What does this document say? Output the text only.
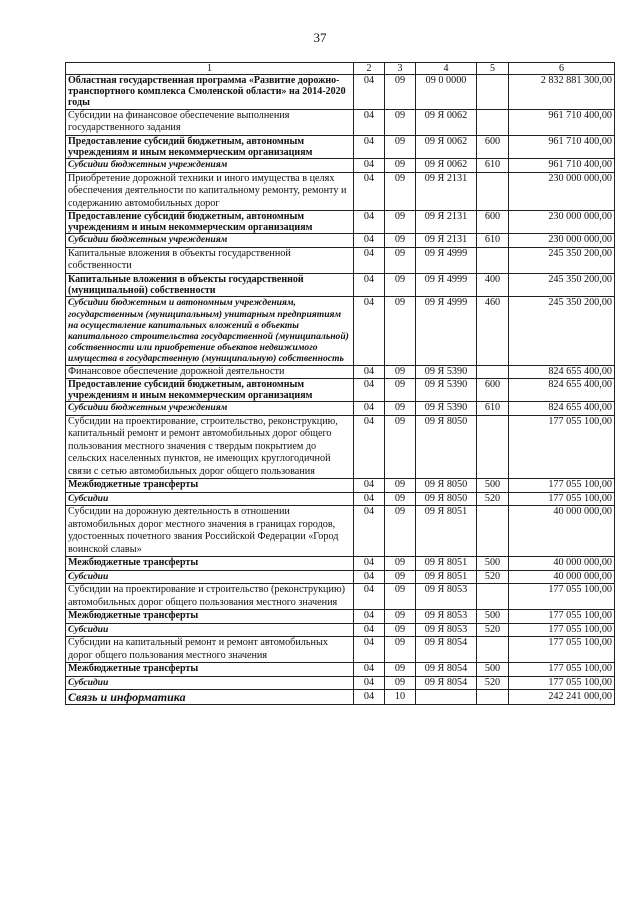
37
1	2	3	4	5	6
Областная государственная программа «Развитие дорожно-транспортного комплекса Смоленской области» на 2014-2020 годы	04	09	09 0 0000		2 832 881 300,00
Субсидии на финансовое обеспечение выполнения государственного задания	04	09	09 Я 0062		961 710 400,00
Предоставление субсидий бюджетным, автономным учреждениям и иным некоммерческим организациям	04	09	09 Я 0062	600	961 710 400,00
Субсидии бюджетным учреждениям	04	09	09 Я 0062	610	961 710 400,00
Приобретение дорожной техники и иного имущества в целях обеспечения деятельности по капитальному ремонту, ремонту и содержанию автомобильных дорог	04	09	09 Я 2131		230 000 000,00
Предоставление субсидий бюджетным, автономным учреждениям и иным некоммерческим организациям	04	09	09 Я 2131	600	230 000 000,00
Субсидии бюджетным учреждениям	04	09	09 Я 2131	610	230 000 000,00
Капитальные вложения в объекты государственной собственности	04	09	09 Я 4999		245 350 200,00
Капитальные вложения в объекты государственной (муниципальной) собственности	04	09	09 Я 4999	400	245 350 200,00
Субсидии бюджетным и автономным учреждениям, государственным (муниципальным) унитарным предприятиям на осуществление капитальных вложений в объекты капитального строительства государственной (муниципальной) собственности или приобретение объектов недвижимого имущества в государственную (муниципальную) собственность	04	09	09 Я 4999	460	245 350 200,00
Финансовое обеспечение дорожной деятельности	04	09	09 Я 5390		824 655 400,00
Предоставление субсидий бюджетным, автономным учреждениям и иным некоммерческим организациям	04	09	09 Я 5390	600	824 655 400,00
Субсидии бюджетным учреждениям	04	09	09 Я 5390	610	824 655 400,00
Субсидии на проектирование, строительство, реконструкцию, капитальный ремонт и ремонт автомобильных дорог общего пользования местного значения с твердым покрытием до сельских населенных пунктов, не имеющих круглогодичной связи с сетью автомобильных дорог общего пользования	04	09	09 Я 8050		177 055 100,00
Межбюджетные трансферты	04	09	09 Я 8050	500	177 055 100,00
Субсидии	04	09	09 Я 8050	520	177 055 100,00
Субсидии на дорожную деятельность в отношении автомобильных дорог местного значения в границах городов, удостоенных почетного звания Российской Федерации «Город воинской славы»	04	09	09 Я 8051		40 000 000,00
Межбюджетные трансферты	04	09	09 Я 8051	500	40 000 000,00
Субсидии	04	09	09 Я 8051	520	40 000 000,00
Субсидии на проектирование и строительство (реконструкцию) автомобильных дорог общего пользования местного значения	04	09	09 Я 8053		177 055 100,00
Межбюджетные трансферты	04	09	09 Я 8053	500	177 055 100,00
Субсидии	04	09	09 Я 8053	520	177 055 100,00
Субсидии на капитальный ремонт и ремонт автомобильных дорог общего пользования местного значения	04	09	09 Я 8054		177 055 100,00
Межбюджетные трансферты	04	09	09 Я 8054	500	177 055 100,00
Субсидии	04	09	09 Я 8054	520	177 055 100,00
Связь и информатика	04	10			242 241 000,00
